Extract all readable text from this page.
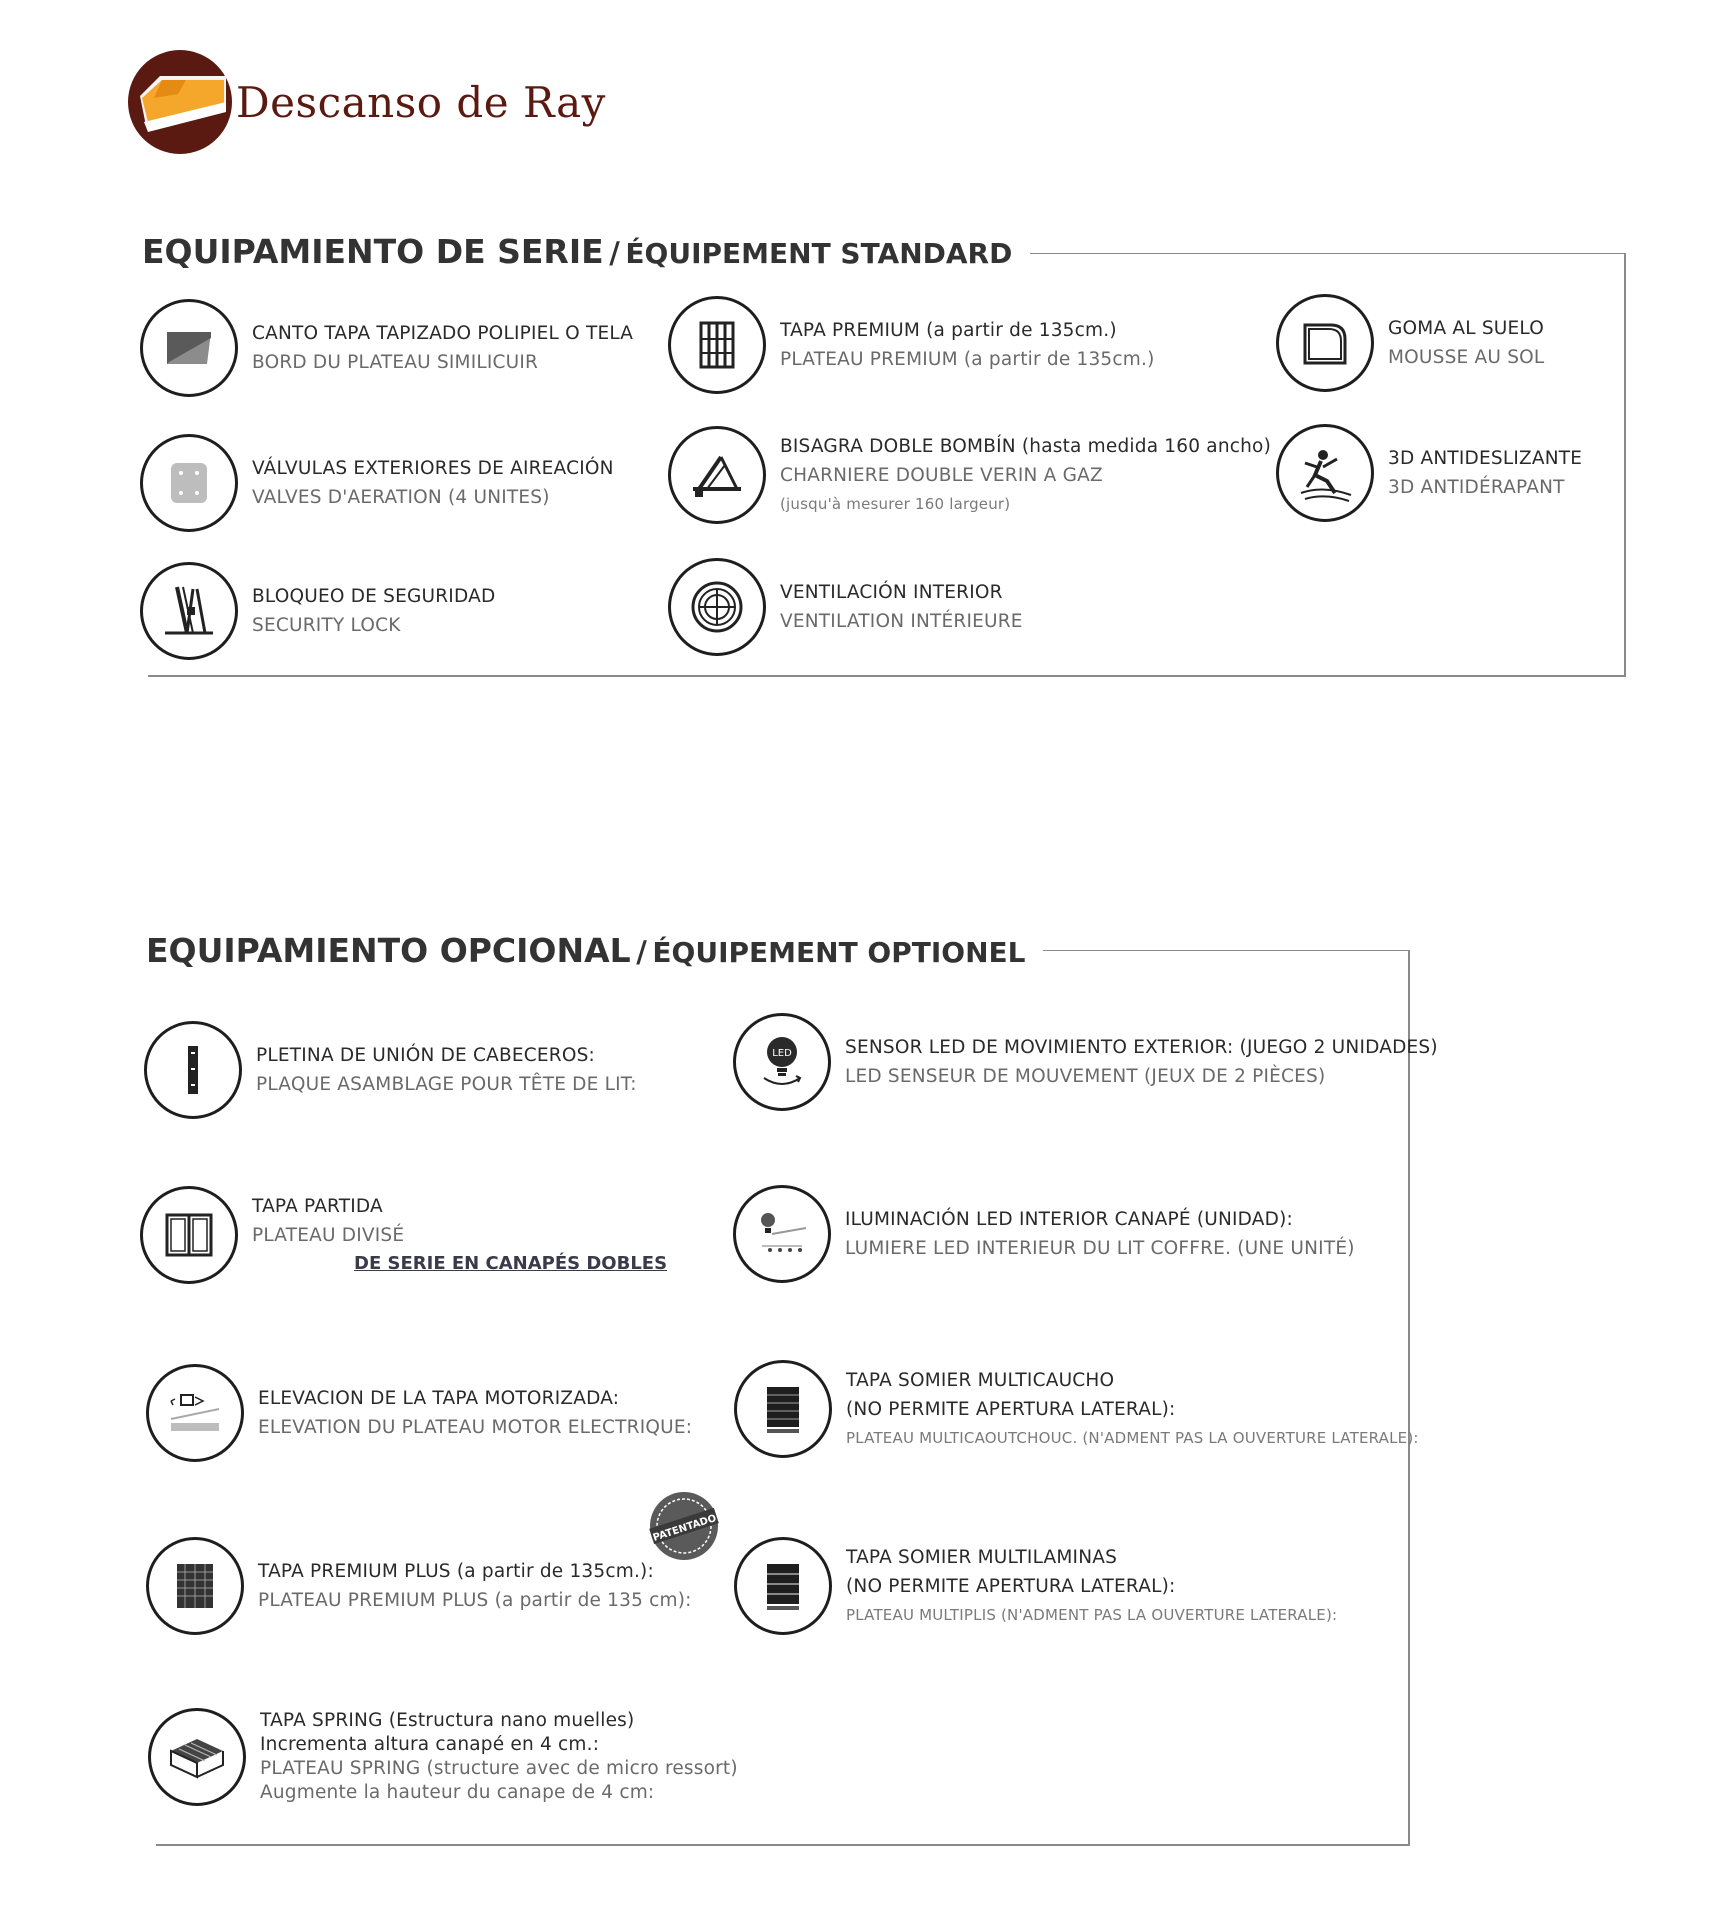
Descanso de Ray
EQUIPAMIENTO DE SERIE / ÉQUIPEMENT STANDARD
CANTO TAPA TAPIZADO POLIPIEL O TELA
BORD DU PLATEAU SIMILICUIR
TAPA PREMIUM (a partir de 135cm.)
PLATEAU PREMIUM (a partir de 135cm.)
GOMA AL SUELO
MOUSSE AU SOL
VÁLVULAS EXTERIORES DE AIREACIÓN
VALVES D'AERATION (4 UNITES)
BISAGRA DOBLE BOMBÍN (hasta medida 160 ancho)
CHARNIERE DOUBLE VERIN A GAZ
(jusqu'à mesurer 160 largeur)
3D ANTIDESLIZANTE
3D ANTIDÉRAPANT
BLOQUEO DE SEGURIDAD
SECURITY LOCK
VENTILACIÓN INTERIOR
VENTILATION INTÉRIEURE
EQUIPAMIENTO OPCIONAL / ÉQUIPEMENT OPTIONEL
PLETINA DE UNIÓN DE CABECEROS:
PLAQUE ASAMBLAGE POUR TÊTE DE LIT:
LED	SENSOR LED DE MOVIMIENTO EXTERIOR: (JUEGO 2 UNIDADES)
LED SENSEUR DE MOUVEMENT (JEUX DE 2 PIÈCES)
TAPA PARTIDA
PLATEAU DIVISÉ
DE SERIE EN CANAPÉS DOBLES
ILUMINACIÓN LED INTERIOR CANAPÉ (UNIDAD):
LUMIERE LED INTERIEUR DU LIT COFFRE. (UNE UNITÉ)
ELEVACION DE LA TAPA MOTORIZADA:
ELEVATION DU PLATEAU MOTOR ELECTRIQUE:
TAPA SOMIER MULTICAUCHO
(NO PERMITE APERTURA LATERAL):
PLATEAU MULTICAOUTCHOUC. (N'ADMENT PAS LA OUVERTURE LATERALE):
TAPA PREMIUM PLUS (a partir de 135cm.):
PLATEAU PREMIUM PLUS (a partir de 135 cm):
PATENTADO
TAPA SOMIER MULTILAMINAS
(NO PERMITE APERTURA LATERAL):
PLATEAU MULTIPLIS (N'ADMENT PAS LA OUVERTURE LATERALE):
TAPA SPRING (Estructura nano muelles)
Incrementa altura canapé en 4 cm.:
PLATEAU SPRING (structure avec de micro ressort)
Augmente la hauteur du canape de 4 cm:
